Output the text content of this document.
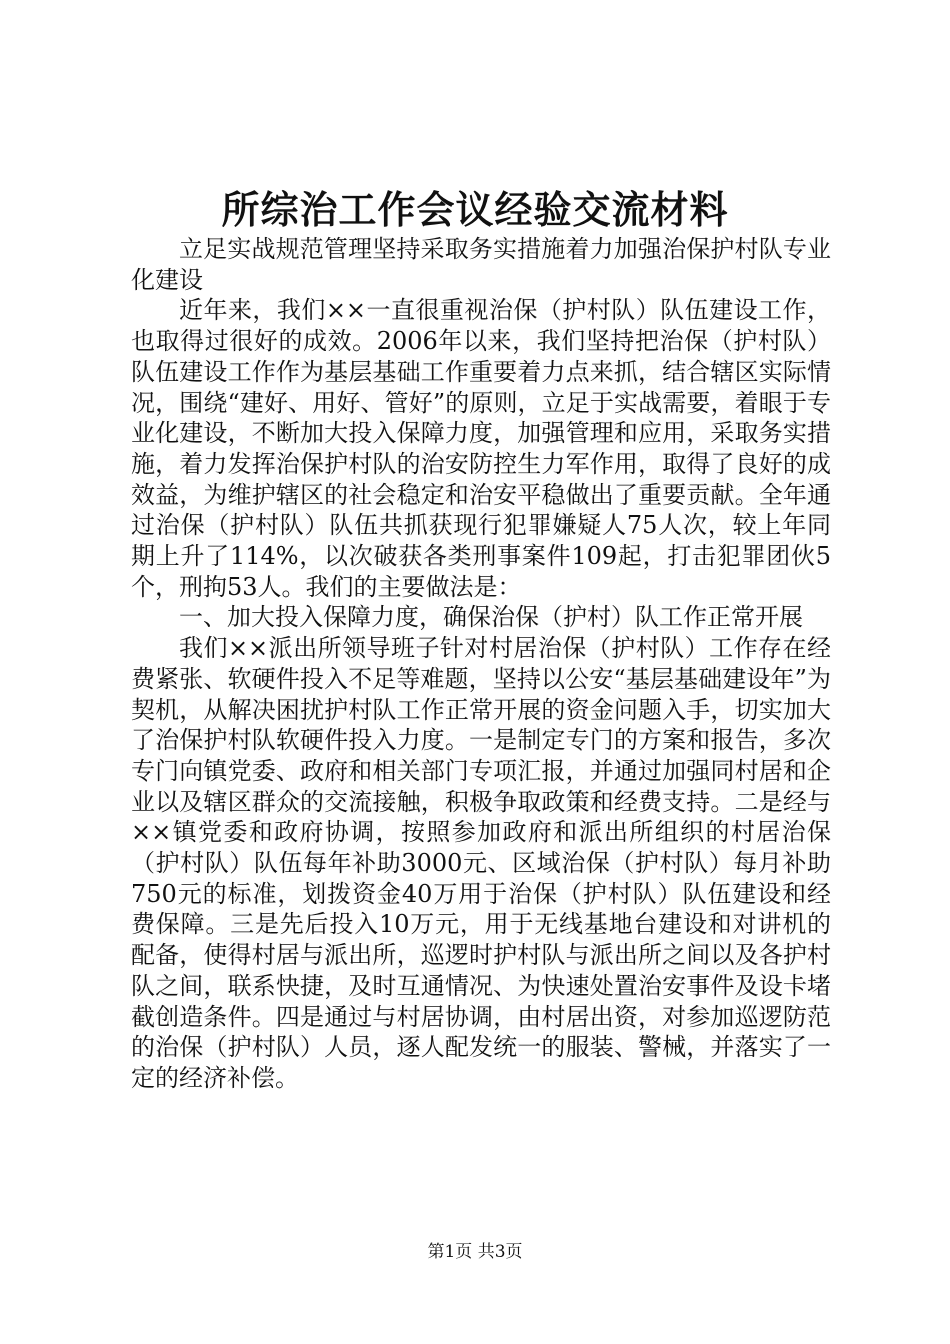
所综治工作会议经验交流材料

立足实战规范管理坚持采取务实措施着力加强治保护村队专业化建设

近年来，我们××一直很重视治保（护村队）队伍建设工作，也取得过很好的成效。2006年以来，我们坚持把治保（护村队）队伍建设工作作为基层基础工作重要着力点来抓，结合辖区实际情况，围绕“建好、用好、管好”的原则，立足于实战需要，着眼于专业化建设，不断加大投入保障力度，加强管理和应用，采取务实措施，着力发挥治保护村队的治安防控生力军作用，取得了良好的成效益，为维护辖区的社会稳定和治安平稳做出了重要贡献。全年通过治保（护村队）队伍共抓获现行犯罪嫌疑人75人次，较上年同期上升了114%，以次破获各类刑事案件109起，打击犯罪团伙5个，刑拘53人。我们的主要做法是：

一、加大投入保障力度，确保治保（护村）队工作正常开展

我们××派出所领导班子针对村居治保（护村队）工作存在经费紧张、软硬件投入不足等难题，坚持以公安“基层基础建设年”为契机，从解决困扰护村队工作正常开展的资金问题入手，切实加大了治保护村队软硬件投入力度。一是制定专门的方案和报告，多次专门向镇党委、政府和相关部门专项汇报，并通过加强同村居和企业以及辖区群众的交流接触，积极争取政策和经费支持。二是经与××镇党委和政府协调，按照参加政府和派出所组织的村居治保（护村队）队伍每年补助3000元、区域治保（护村队）每月补助750元的标准，划拨资金40万用于治保（护村队）队伍建设和经费保障。三是先后投入10万元，用于无线基地台建设和对讲机的配备，使得村居与派出所，巡逻时护村队与派出所之间以及各护村队之间，联系快捷，及时互通情况、为快速处置治安事件及设卡堵截创造条件。四是通过与村居协调，由村居出资，对参加巡逻防范的治保（护村队）人员，逐人配发统一的服装、警械，并落实了一定的经济补偿。

第1页 共3页
